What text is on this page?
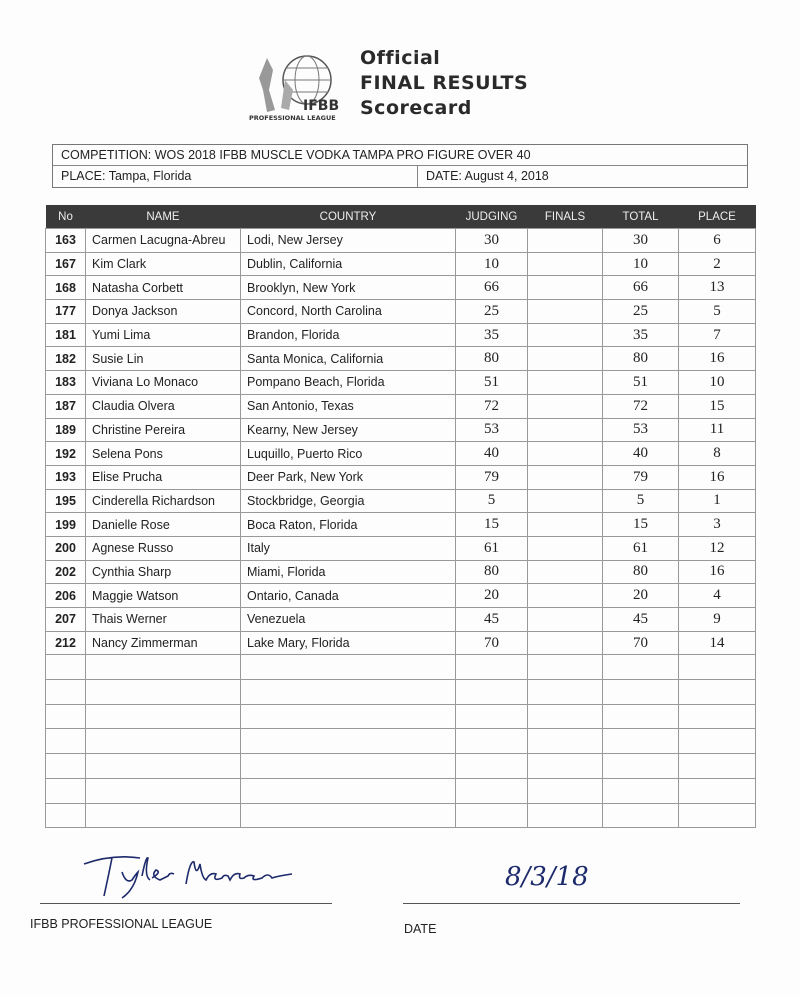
IFBB
PROFESSIONAL LEAGUE
Official
FINAL RESULTS
Scorecard
COMPETITION: WOS 2018 IFBB MUSCLE VODKA TAMPA PRO FIGURE OVER 40
PLACE: Tampa, Florida	DATE: August 4, 2018
No	NAME	COUNTRY	JUDGING	FINALS	TOTAL	PLACE
163	Carmen Lacugna-Abreu	Lodi, New Jersey	30		30	6
167	Kim Clark	Dublin, California	10		10	2
168	Natasha Corbett	Brooklyn, New York	66		66	13
177	Donya Jackson	Concord, North Carolina	25		25	5
181	Yumi Lima	Brandon, Florida	35		35	7
182	Susie Lin	Santa Monica, California	80		80	16
183	Viviana Lo Monaco	Pompano Beach, Florida	51		51	10
187	Claudia Olvera	San Antonio, Texas	72		72	15
189	Christine Pereira	Kearny, New Jersey	53		53	11
192	Selena Pons	Luquillo, Puerto Rico	40		40	8
193	Elise Prucha	Deer Park, New York	79		79	16
195	Cinderella Richardson	Stockbridge, Georgia	5		5	1
199	Danielle Rose	Boca Raton, Florida	15		15	3
200	Agnese Russo	Italy	61		61	12
202	Cynthia Sharp	Miami, Florida	80		80	16
206	Maggie Watson	Ontario, Canada	20		20	4
207	Thais Werner	Venezuela	45		45	9
212	Nancy Zimmerman	Lake Mary, Florida	70		70	14

8/3/18
IFBB PROFESSIONAL LEAGUE	DATE
